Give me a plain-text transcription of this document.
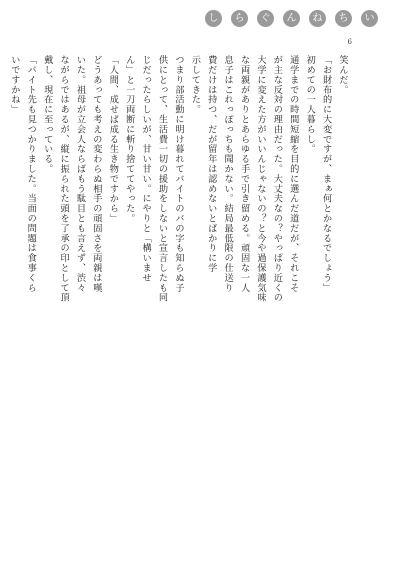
い
ち
ね
ん
ぐ
ら
し
6

笑んだ。

「お財布的に大変ですが、まぁ何とかなるでしょう」

初めての一人暮らし。

通学までの時間短縮を目的に選んだ道だが、それこそ

が主な反対の理由だった。大丈夫なの？やっぱり近くの

大学に変えた方がいいんじゃないの？と今や過保護気味

な両親がありとあらゆる手で引き留める。頑固な一人

息子はこれっぽっちも聞かない。結局最低限の仕送り

費だけは持つ、だが留年は認めないとばかりに学

示してきた。

つまり部活動に明け暮れてバイトのバの字も知らぬ子

供にとって、生活費一切の援助をしないと宣言したも同

じだったらしいが、甘い甘い。にやりと「構いませ

ん」と一刀両断に斬り捨ててやった。

「人間、成せば成る生き物ですから」

どうあっても考えの変わらぬ相手の頑固さを両親は嘆

いた。祖母が立会人ならばもう駄目とも言えず、渋々

ながらではあるが、縦に振られた頭を了承の印として頂

戴し、現在に至っている。

「バイト先も見つかりました。当面の問題は食事くら

いですかね」
